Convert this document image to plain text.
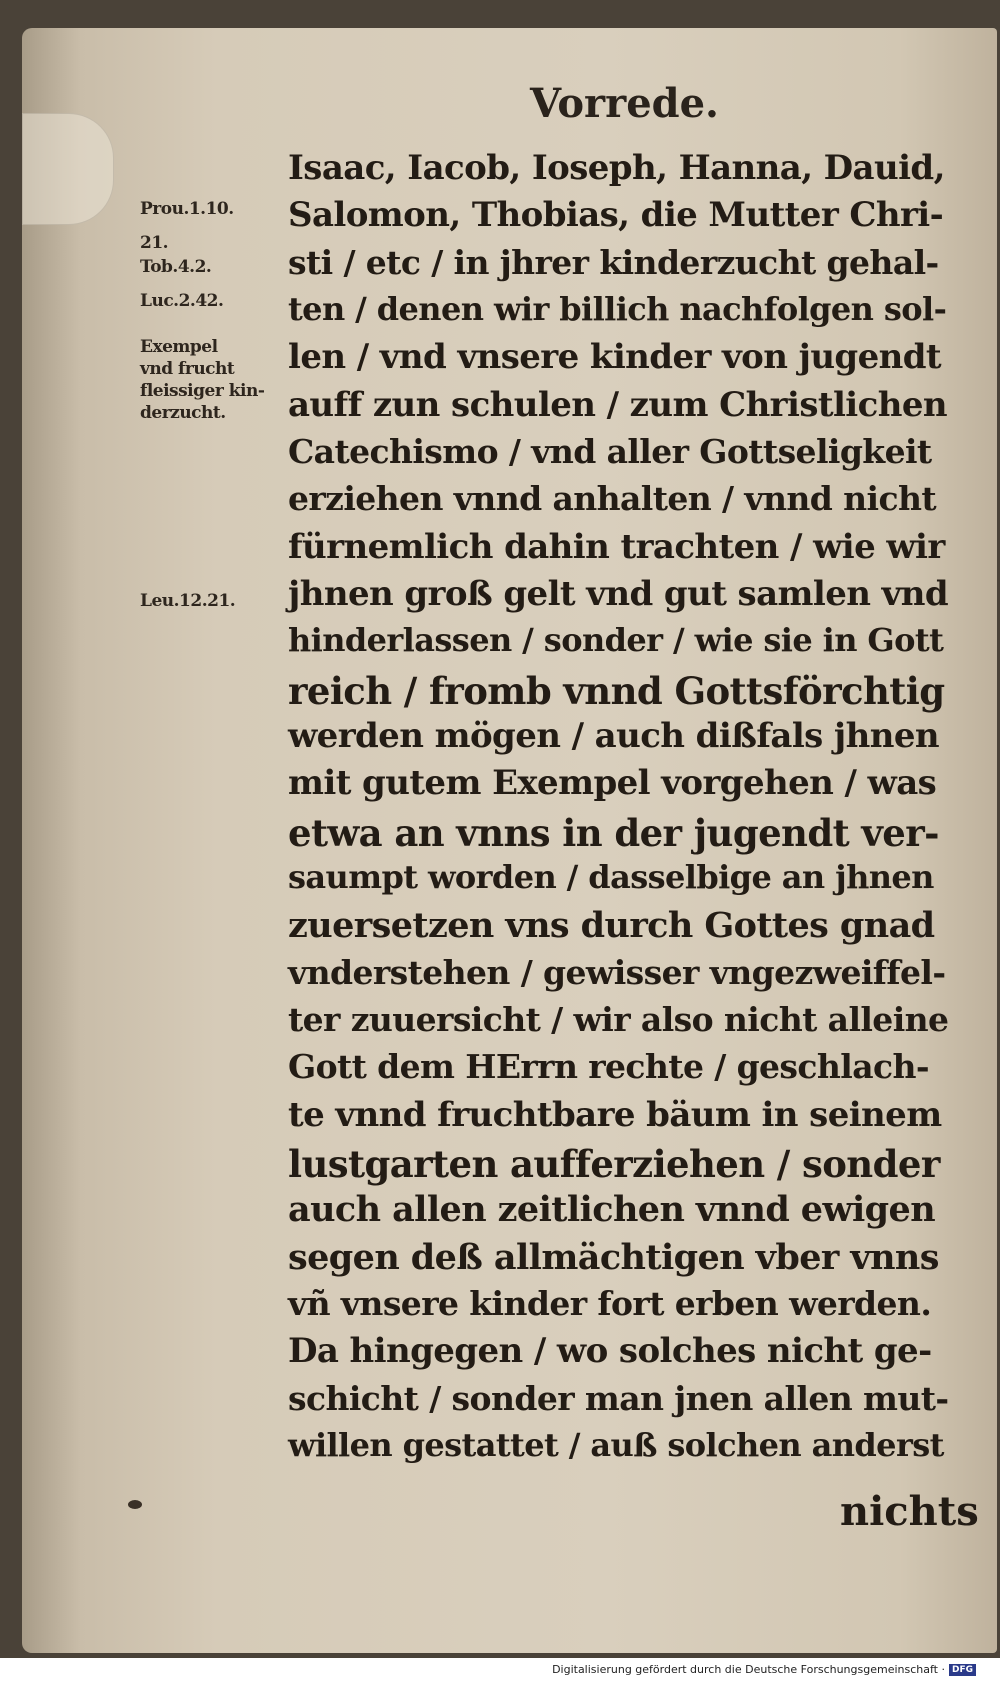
Vorrede.
Prou.1.10.
21.
Tob.4.2.
Luc.2.42.
Exempel
vnd frucht
fleissiger kin-
derzucht.
Leu.12.21.
Isaac, Iacob, Ioseph, Hanna, Dauid,
Salomon, Thobias, die Mutter Chri-
sti / etc / in jhrer kinderzucht gehal-
ten / denen wir billich nachfolgen sol-
len / vnd vnsere kinder von jugendt
auff zun schulen / zum Christlichen
Catechismo / vnd aller Gottseligkeit
erziehen vnnd anhalten / vnnd nicht
fürnemlich dahin trachten / wie wir
jhnen groß gelt vnd gut samlen vnd
hinderlassen / sonder / wie sie in Gott
reich / fromb vnnd Gottsförchtig
werden mögen / auch dißfals jhnen
mit gutem Exempel vorgehen / was
etwa an vnns in der jugendt ver-
saumpt worden / dasselbige an jhnen
zuersetzen vns durch Gottes gnad
vnderstehen / gewisser vngezweiffel-
ter zuuersicht / wir also nicht alleine
Gott dem HErrn rechte / geschlach-
te vnnd fruchtbare bäum in seinem
lustgarten aufferziehen / sonder
auch allen zeitlichen vnnd ewigen
segen deß allmächtigen vber vnns
vñ vnsere kinder fort erben werden.
Da hingegen / wo solches nicht ge-
schicht / sonder man jnen allen mut-
willen gestattet / auß solchen anderst
nichts
Digitalisierung gefördert durch die Deutsche Forschungsgemeinschaft · DFG
